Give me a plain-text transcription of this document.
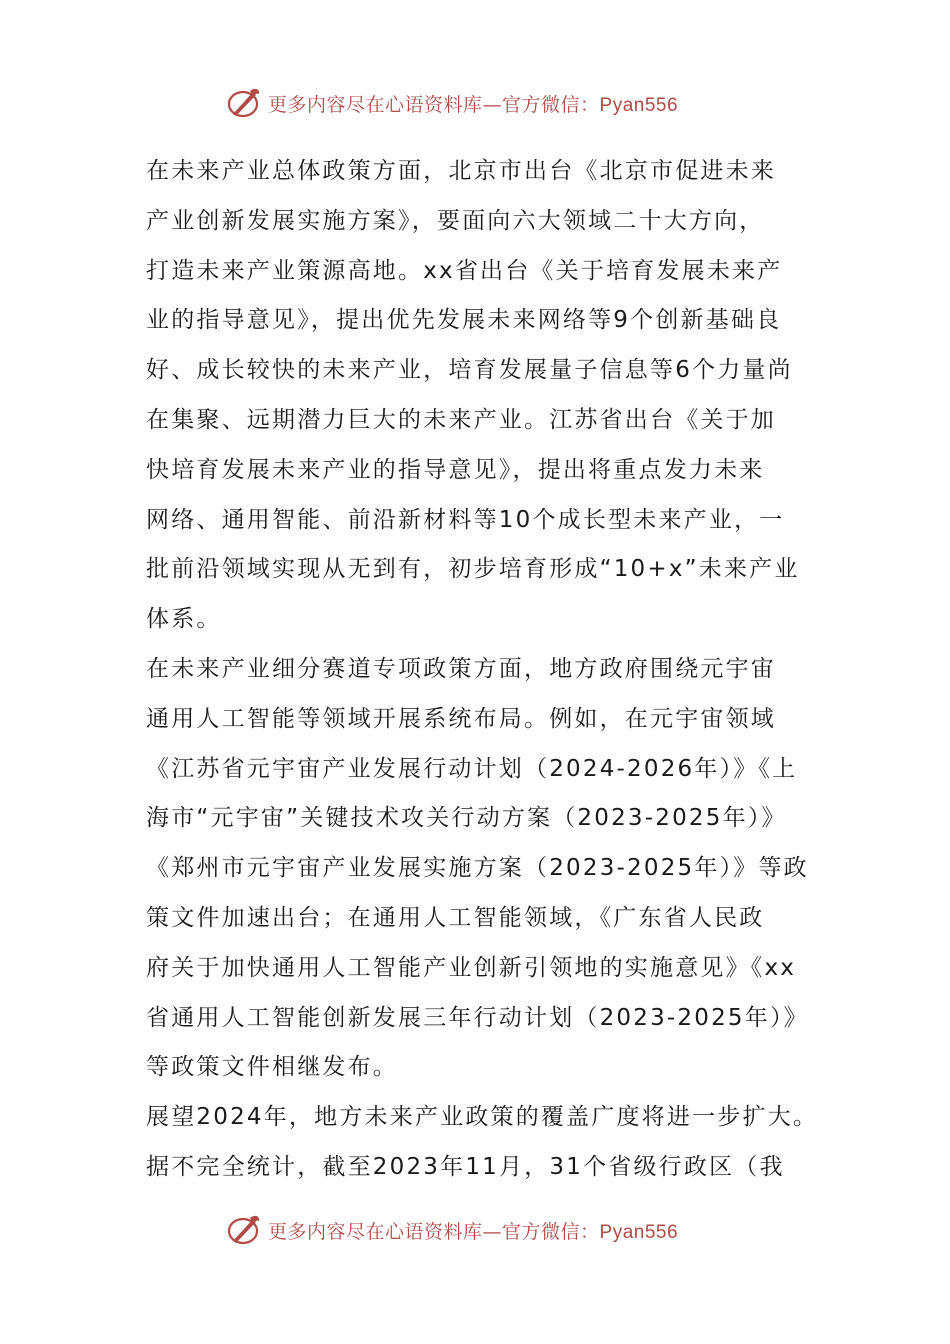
更多内容尽在心语资料库—官方微信：Pyan556

在未来产业总体政策方面，北京市出台《北京市促进未来
产业创新发展实施方案》，要面向六大领域二十大方向，
打造未来产业策源高地。xx省出台《关于培育发展未来产
业的指导意见》，提出优先发展未来网络等9个创新基础良
好、成长较快的未来产业，培育发展量子信息等6个力量尚
在集聚、远期潜力巨大的未来产业。江苏省出台《关于加
快培育发展未来产业的指导意见》，提出将重点发力未来
网络、通用智能、前沿新材料等10个成长型未来产业，一
批前沿领域实现从无到有，初步培育形成“10+x”未来产业
体系。

在未来产业细分赛道专项政策方面，地方政府围绕元宇宙
通用人工智能等领域开展系统布局。例如，在元宇宙领域
《江苏省元宇宙产业发展行动计划（2024-2026年）》《上
海市“元宇宙”关键技术攻关行动方案（2023-2025年）》
《郑州市元宇宙产业发展实施方案（2023-2025年）》等政
策文件加速出台；在通用人工智能领域，《广东省人民政
府关于加快通用人工智能产业创新引领地的实施意见》《xx
省通用人工智能创新发展三年行动计划（2023-2025年）》
等政策文件相继发布。

展望2024年，地方未来产业政策的覆盖广度将进一步扩大。
据不完全统计，截至2023年11月，31个省级行政区（我

更多内容尽在心语资料库—官方微信：Pyan556
